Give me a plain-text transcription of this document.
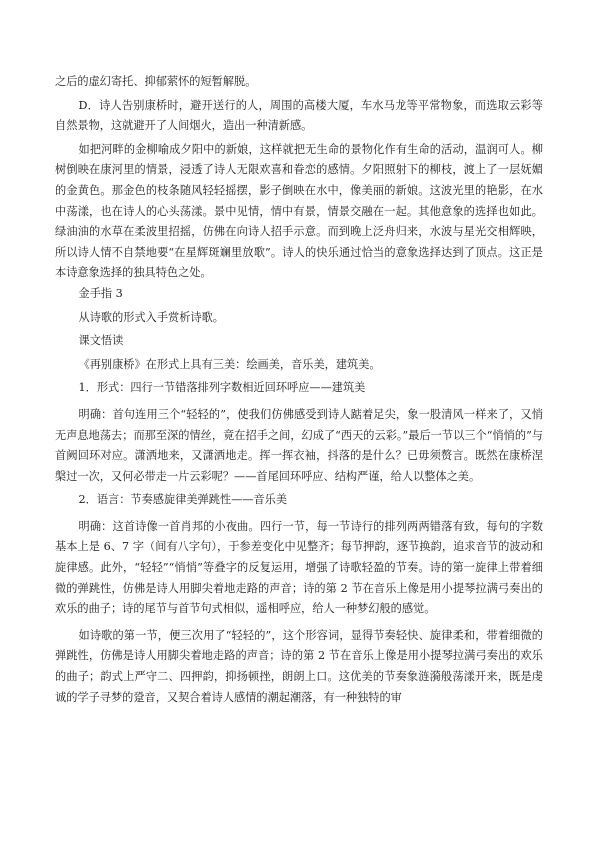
之后的虚幻寄托、抑郁萦怀的短暂解脱。

D．诗人告别康桥时，避开送行的人，周围的高楼大厦，车水马龙等平常物象，而选取云彩等自然景物，这就避开了人间烟火，造出一种清新感。

如把河畔的金柳喻成夕阳中的新娘，这样就把无生命的景物化作有生命的活动，温润可人。柳树倒映在康河里的情景，浸透了诗人无限欢喜和眷恋的感情。夕阳照射下的柳枝，渡上了一层妩媚的金黄色。那金色的枝条随风轻轻摇摆，影子倒映在水中，像美丽的新娘。这波光里的艳影，在水中荡漾，也在诗人的心头荡漾。景中见情，情中有景，情景交融在一起。其他意象的选择也如此。绿油油的水草在柔波里招摇，仿佛在向诗人招手示意。而到晚上泛舟归来，水波与星光交相辉映，所以诗人情不自禁地要“在星辉斑斓里放歌”。诗人的快乐通过恰当的意象选择达到了顶点。这正是本诗意象选择的独具特色之处。

金手指 3

从诗歌的形式入手赏析诗歌。

课文悟读

《再别康桥》在形式上具有三美：绘画美，音乐美，建筑美。

1．形式：四行一节错落排列字数相近回环呼应——建筑美

明确：首句连用三个“轻轻的”，使我们仿佛感受到诗人踮着足尖，象一股清风一样来了，又悄无声息地荡去；而那至深的情丝，竟在招手之间，幻成了“西天的云彩。”最后一节以三个“悄悄的”与首阙回环对应。潇洒地来，又潇洒地走。挥一挥衣袖，抖落的是什么？已毋须赘言。既然在康桥涅槃过一次，又何必带走一片云彩呢？——首尾回环呼应、结构严谨，给人以整体之美。

2．语言：节奏感旋律美弹跳性——音乐美

明确：这首诗像一首肖邦的小夜曲。四行一节，每一节诗行的排列两两错落有致，每句的字数基本上是 6、7 字（间有八字句），于参差变化中见整齐；每节押韵，逐节换韵，追求音节的波动和旋律感。此外，“轻轻”“悄悄”等叠字的反复运用，增强了诗歌轻盈的节奏。诗的第一旋律上带着细微的弹跳性，仿佛是诗人用脚尖着地走路的声音；诗的第 2 节在音乐上像是用小提琴拉满弓奏出的欢乐的曲子；诗的尾节与首节句式相似，遥相呼应，给人一种梦幻般的感觉。

如诗歌的第一节，便三次用了“轻轻的”，这个形容词，显得节奏轻快、旋律柔和，带着细微的弹跳性，仿佛是诗人用脚尖着地走路的声音；诗的第 2 节在音乐上像是用小提琴拉满弓奏出的欢乐的曲子；韵式上严守二、四押韵，抑扬顿挫，朗朗上口。这优美的节奏象涟漪般荡漾开来，既是虔诚的学子寻梦的跫音，又契合着诗人感情的潮起潮落，有一种独特的审
